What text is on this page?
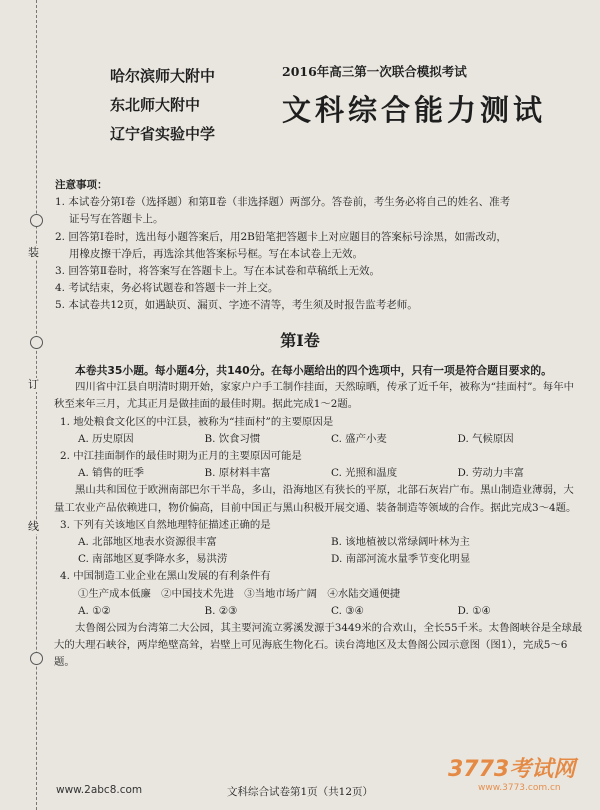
装
订
线
哈尔滨师大附中
东北师大附中
辽宁省实验中学
2016年高三第一次联合模拟考试
文科综合能力测试
注意事项：
1. 本试卷分第Ⅰ卷（选择题）和第Ⅱ卷（非选择题）两部分。答卷前，考生务必将自己的姓名、准考
证号写在答题卡上。
2. 回答第Ⅰ卷时，选出每小题答案后，用2B铅笔把答题卡上对应题目的答案标号涂黑，如需改动，
用橡皮擦干净后，再选涂其他答案标号框。写在本试卷上无效。
3. 回答第Ⅱ卷时，将答案写在答题卡上。写在本试卷和草稿纸上无效。
4. 考试结束，务必将试题卷和答题卡一并上交。
5. 本试卷共12页，如遇缺页、漏页、字迹不清等，考生须及时报告监考老师。
第Ⅰ卷
本卷共35小题。每小题4分，共140分。在每小题给出的四个选项中，只有一项是符合题目要求的。
四川省中江县自明清时期开始，家家户户手工制作挂面，天然晾晒，传承了近千年，被称为“挂面村”。每年中秋至来年三月，尤其正月是做挂面的最佳时期。据此完成1～2题。
1. 地处粮食文化区的中江县，被称为“挂面村”的主要原因是
A. 历史原因	B. 饮食习惯	C. 盛产小麦	D. 气候原因
2. 中江挂面制作的最佳时期为正月的主要原因可能是
A. 销售的旺季	B. 原材料丰富	C. 光照和温度	D. 劳动力丰富
黑山共和国位于欧洲南部巴尔干半岛，多山，沿海地区有狭长的平原，北部石灰岩广布。黑山制造业薄弱，大量工农业产品依赖进口，物价偏高，目前中国正与黑山积极开展交通、装备制造等领域的合作。据此完成3～4题。
3. 下列有关该地区自然地理特征描述正确的是
A. 北部地区地表水资源很丰富	B. 该地植被以常绿阔叶林为主
C. 南部地区夏季降水多，易洪涝	D. 南部河流水量季节变化明显
4. 中国制造工业企业在黑山发展的有利条件有
①生产成本低廉　②中国技术先进　③当地市场广阔　④水陆交通便捷
A. ①②	B. ②③	C. ③④	D. ①④
太鲁阁公园为台湾第二大公园，其主要河流立雾溪发源于3449米的合欢山，全长55千米。太鲁阁峡谷是全球最大的大理石峡谷，两岸绝壁高耸，岩壁上可见海底生物化石。读台湾地区及太鲁阁公园示意图（图1），完成5～6题。
www.2abc8.com	文科综合试卷第1页（共12页）
3773考试网
www.3773.com.cn
